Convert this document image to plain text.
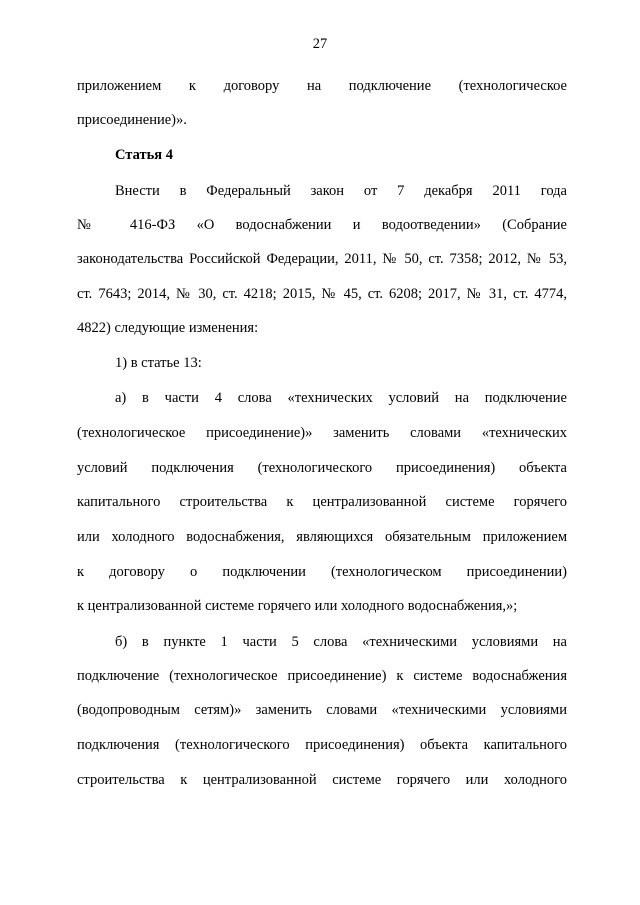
27
приложением к договору на подключение (технологическое
присоединение)».
Статья 4
Внести в Федеральный закон от 7 декабря 2011 года
№ 416-ФЗ «О водоснабжении и водоотведении» (Собрание
законодательства Российской Федерации, 2011, № 50, ст. 7358; 2012, № 53,
ст. 7643; 2014, № 30, ст. 4218; 2015, № 45, ст. 6208; 2017, № 31, ст. 4774,
4822) следующие изменения:
1) в статье 13:
а) в части 4 слова «технических условий на подключение
(технологическое присоединение)» заменить словами «технических
условий подключения (технологического присоединения) объекта
капитального строительства к централизованной системе горячего
или холодного водоснабжения, являющихся обязательным приложением
к договору о подключении (технологическом присоединении)
к централизованной системе горячего или холодного водоснабжения,»;
б) в пункте 1 части 5 слова «техническими условиями на
подключение (технологическое присоединение) к системе водоснабжения
(водопроводным сетям)» заменить словами «техническими условиями
подключения (технологического присоединения) объекта капитального
строительства к централизованной системе горячего или холодного
